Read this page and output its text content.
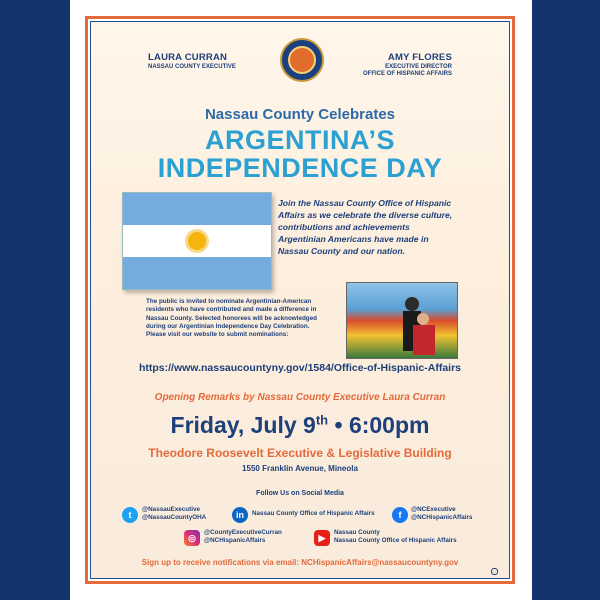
LAURA CURRAN
NASSAU COUNTY EXECUTIVE
AMY FLORES
EXECUTIVE DIRECTOR
OFFICE OF HISPANIC AFFAIRS
Nassau County Celebrates
ARGENTINA’S
INDEPENDENCE DAY
Join the Nassau County Office of Hispanic
Affairs as we celebrate the diverse culture,
contributions and achievements
Argentinian Americans have made in
Nassau County and our nation.
The public is invited to nominate Argentinian-American
residents who have contributed and made a difference in
Nassau County. Selected honorees will be acknowledged
during our Argentinian Independence Day Celebration.
Please visit our website to submit nominations:
https://www.nassaucountyny.gov/1584/Office-of-Hispanic-Affairs
Opening Remarks by Nassau County Executive Laura Curran
Friday, July 9th • 6:00pm
Theodore Roosevelt Executive & Legislative Building
1550 Franklin Avenue, Mineola
Follow Us on Social Media
t
@NassauExecutive
@NassauCountyOHA	in	Nassau County Office of Hispanic Affairs	f
@NCExecutive
@NCHispanicAffairs
◎
@CountyExecutiveCurran
@NCHispanicAffairs	▶
Nassau County
Nassau County Office of Hispanic Affairs
Sign up to receive notifications via email: NCHispanicAffairs@nassaucountyny.gov
◌
